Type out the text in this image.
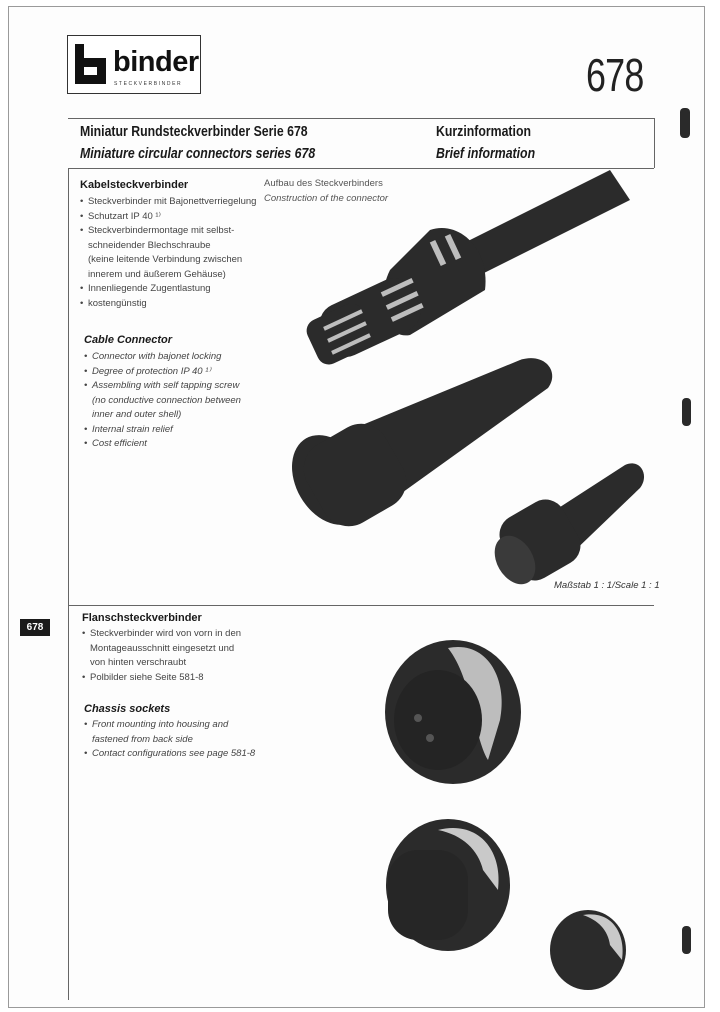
binder
STECKVERBINDER	678
Miniatur Rundsteckverbinder Serie 678
Miniature circular connectors series 678
Kurzinformation
Brief information
Kabelsteckverbinder
• Steckverbinder mit Bajonettverriegelung
• Schutzart IP 40 ¹⁾
• Steckverbindermontage mit selbst-
schneidender Blechschraube
(keine leitende Verbindung zwischen
innerem und äußerem Gehäuse)
• Innenliegende Zugentlastung
• kostengünstig
Cable Connector
• Connector with bajonet locking
• Degree of protection IP 40 ¹⁾
• Assembling with self tapping screw
(no conductive connection between
inner and outer shell)
• Internal strain relief
• Cost efficient
Aufbau des Steckverbinders
Construction of the connector
Maßstab 1 : 1/Scale 1 : 1
678
Flanschsteckverbinder
• Steckverbinder wird von vorn in den
Montageausschnitt eingesetzt und
von hinten verschraubt
• Polbilder siehe Seite 581-8
Chassis sockets
• Front mounting into housing and
fastened from back side
• Contact configurations see page 581-8
